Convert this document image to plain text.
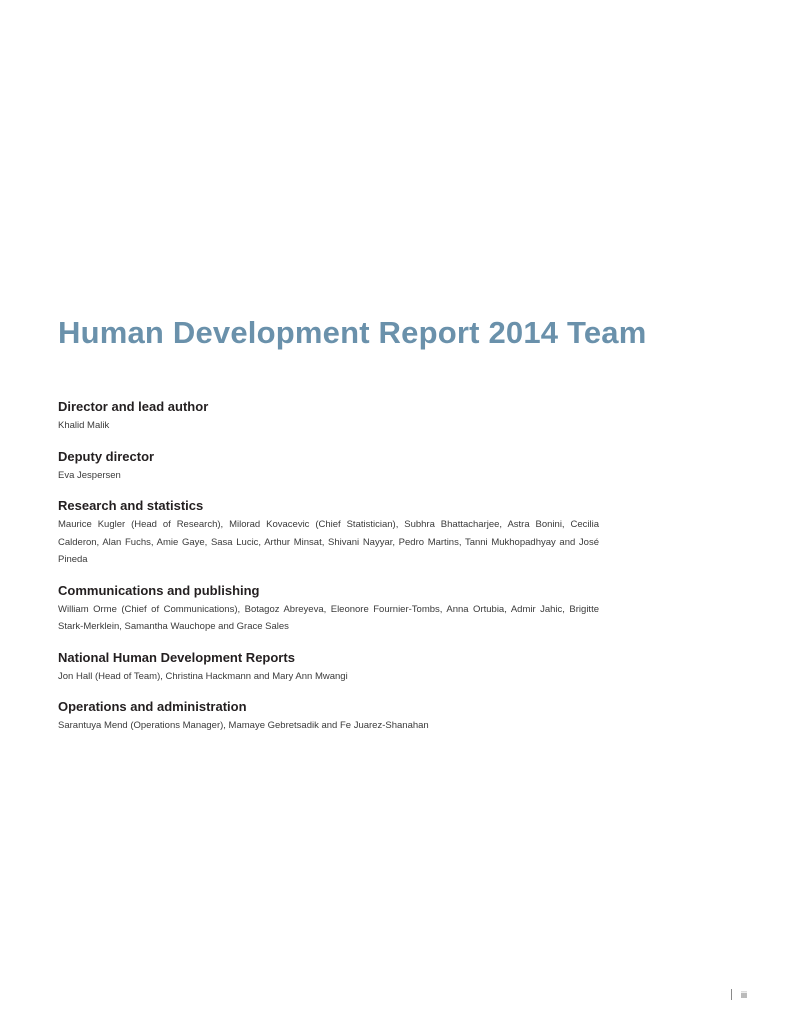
Human Development Report 2014 Team
Director and lead author

Khalid Malik

Deputy director

Eva Jespersen

Research and statistics

Maurice Kugler (Head of Research), Milorad Kovacevic (Chief Statistician), Subhra Bhattacharjee, Astra Bonini, Cecilia Calderon, Alan Fuchs, Amie Gaye, Sasa Lucic, Arthur Minsat, Shivani Nayyar, Pedro Martins, Tanni Mukhopadhyay and José Pineda

Communications and publishing

William Orme (Chief of Communications), Botagoz Abreyeva, Eleonore Fournier-Tombs, Anna Ortubia, Admir Jahic, Brigitte Stark-Merklein, Samantha Wauchope and Grace Sales

National Human Development Reports

Jon Hall (Head of Team), Christina Hackmann and Mary Ann Mwangi

Operations and administration

Sarantuya Mend (Operations Manager), Mamaye Gebretsadik and Fe Juarez-Shanahan

iii
